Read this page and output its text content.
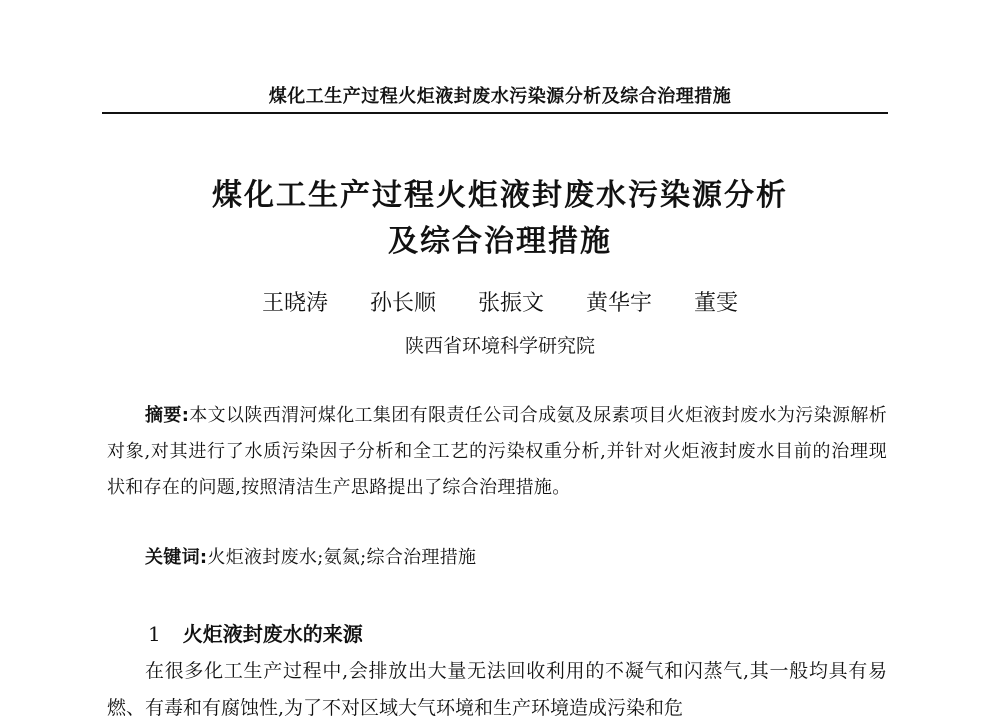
煤化工生产过程火炬液封废水污染源分析及综合治理措施
煤化工生产过程火炬液封废水污染源分析
及综合治理措施
王晓涛 孙长顺 张振文 黄华宇 董雯
陕西省环境科学研究院
摘要:本文以陕西渭河煤化工集团有限责任公司合成氨及尿素项目火炬液封废水为污染源解析对象,对其进行了水质污染因子分析和全工艺的污染权重分析,并针对火炬液封废水目前的治理现状和存在的问题,按照清洁生产思路提出了综合治理措施。
关键词:火炬液封废水;氨氮;综合治理措施
1 火炬液封废水的来源
在很多化工生产过程中,会排放出大量无法回收利用的不凝气和闪蒸气,其一般均具有易燃、有毒和有腐蚀性,为了不对区域大气环境和生产环境造成污染和危
